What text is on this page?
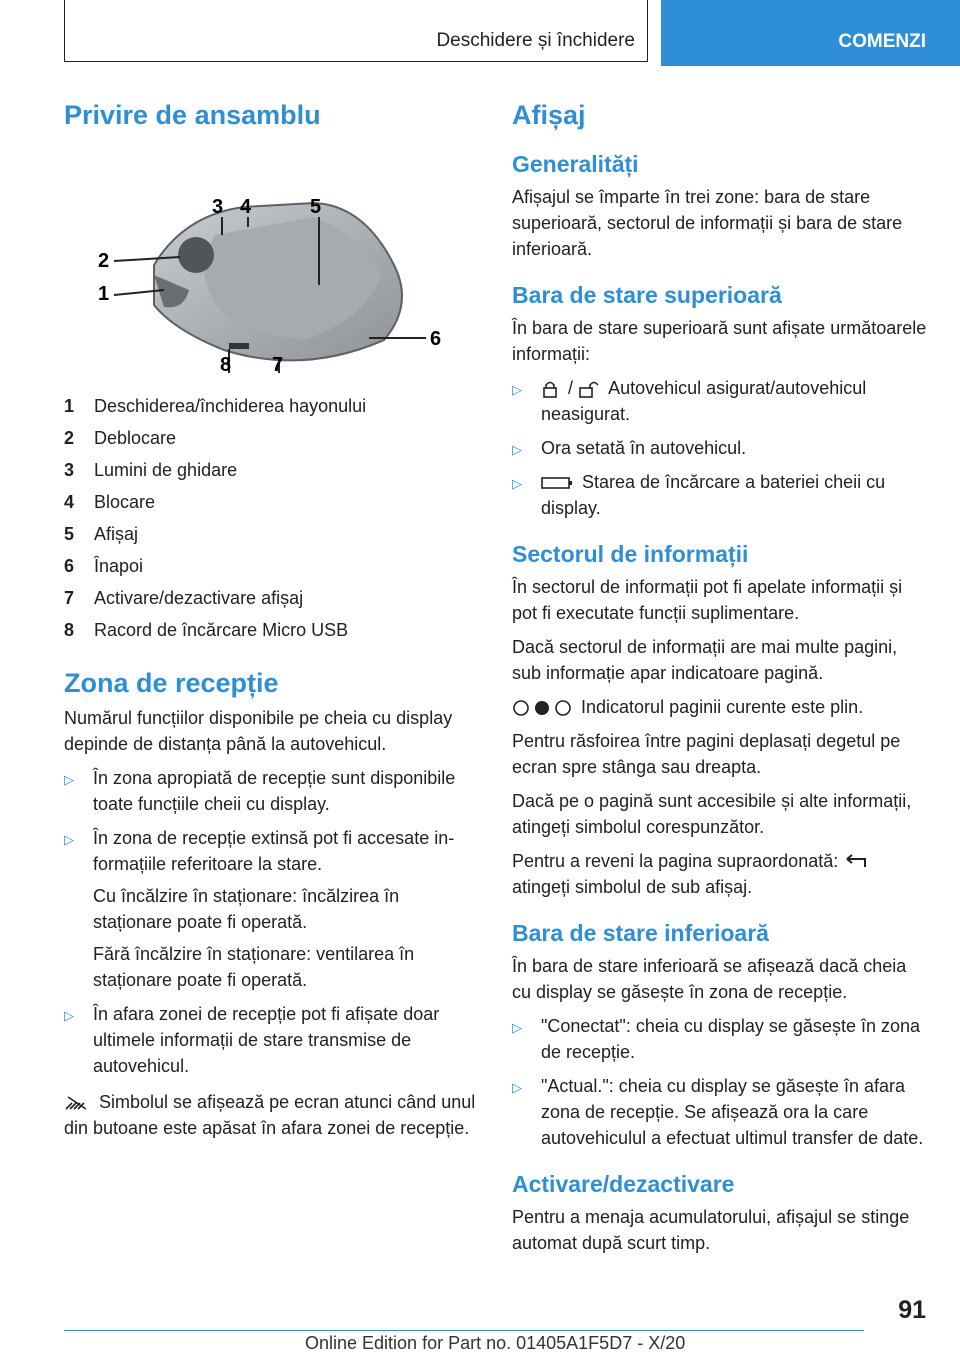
Deschidere și închidere	COMENZI
Privire de ansamblu
1
2
3 4	5
6
7
8
1	Deschiderea/închiderea hayonului
2	Deblocare
3	Lumini de ghidare
4	Blocare
5	Afișaj
6	Înapoi
7	Activare/dezactivare afișaj
8	Racord de încărcare Micro USB
Zona de recepție

Numărul funcțiilor disponibile pe cheia cu display depinde de distanța până la autovehicul.

▷ În zona apropiată de recepție sunt disponibile toate funcțiile cheii cu display.
▷ În zona de recepție extinsă pot fi accesate in-formațiile referitoare la stare.

Cu încălzire în staționare: încălzirea în staționare poate fi operată.

Fără încălzire în staționare: ventilarea în staționare poate fi operată.

▷ În afara zonei de recepție pot fi afișate doar ultimele informații de stare transmise de autovehicul.

Simbolul se afișează pe ecran atunci când unul din butoane este apăsat în afara zonei de recepție.

Afișaj
Generalități

Afișajul se împarte în trei zone: bara de stare superioară, sectorul de informații și bara de stare inferioară.

Bara de stare superioară

În bara de stare superioară sunt afișate următoarele informații:

▷	/ Autovehicul asigurat/autovehicul neasigurat.
▷ Ora setată în autovehicul.
▷	Starea de încărcare a bateriei cheii cu display.
Sectorul de informații

În sectorul de informații pot fi apelate informații și pot fi executate funcții suplimentare.

Dacă sectorul de informații are mai multe pagini, sub informație apar indicatoare pagină.

Indicatorul paginii curente este plin.

Pentru răsfoirea între pagini deplasați degetul pe ecran spre stânga sau dreapta.

Dacă pe o pagină sunt accesibile și alte informații, atingeți simbolul corespunzător.

Pentru a reveni la pagina supraordonată:  atingeți simbolul de sub afișaj.

Bara de stare inferioară

În bara de stare inferioară se afișează dacă cheia cu display se găsește în zona de recepție.

▷ "Conectat": cheia cu display se găsește în zona de recepție.
▷ "Actual.": cheia cu display se găsește în afara zona de recepție. Se afișează ora la care autovehiculul a efectuat ultimul transfer de date.
Activare/dezactivare

Pentru a menaja acumulatorului, afișajul se stinge automat după scurt timp.

91
Online Edition for Part no. 01405A1F5D7 - X/20
